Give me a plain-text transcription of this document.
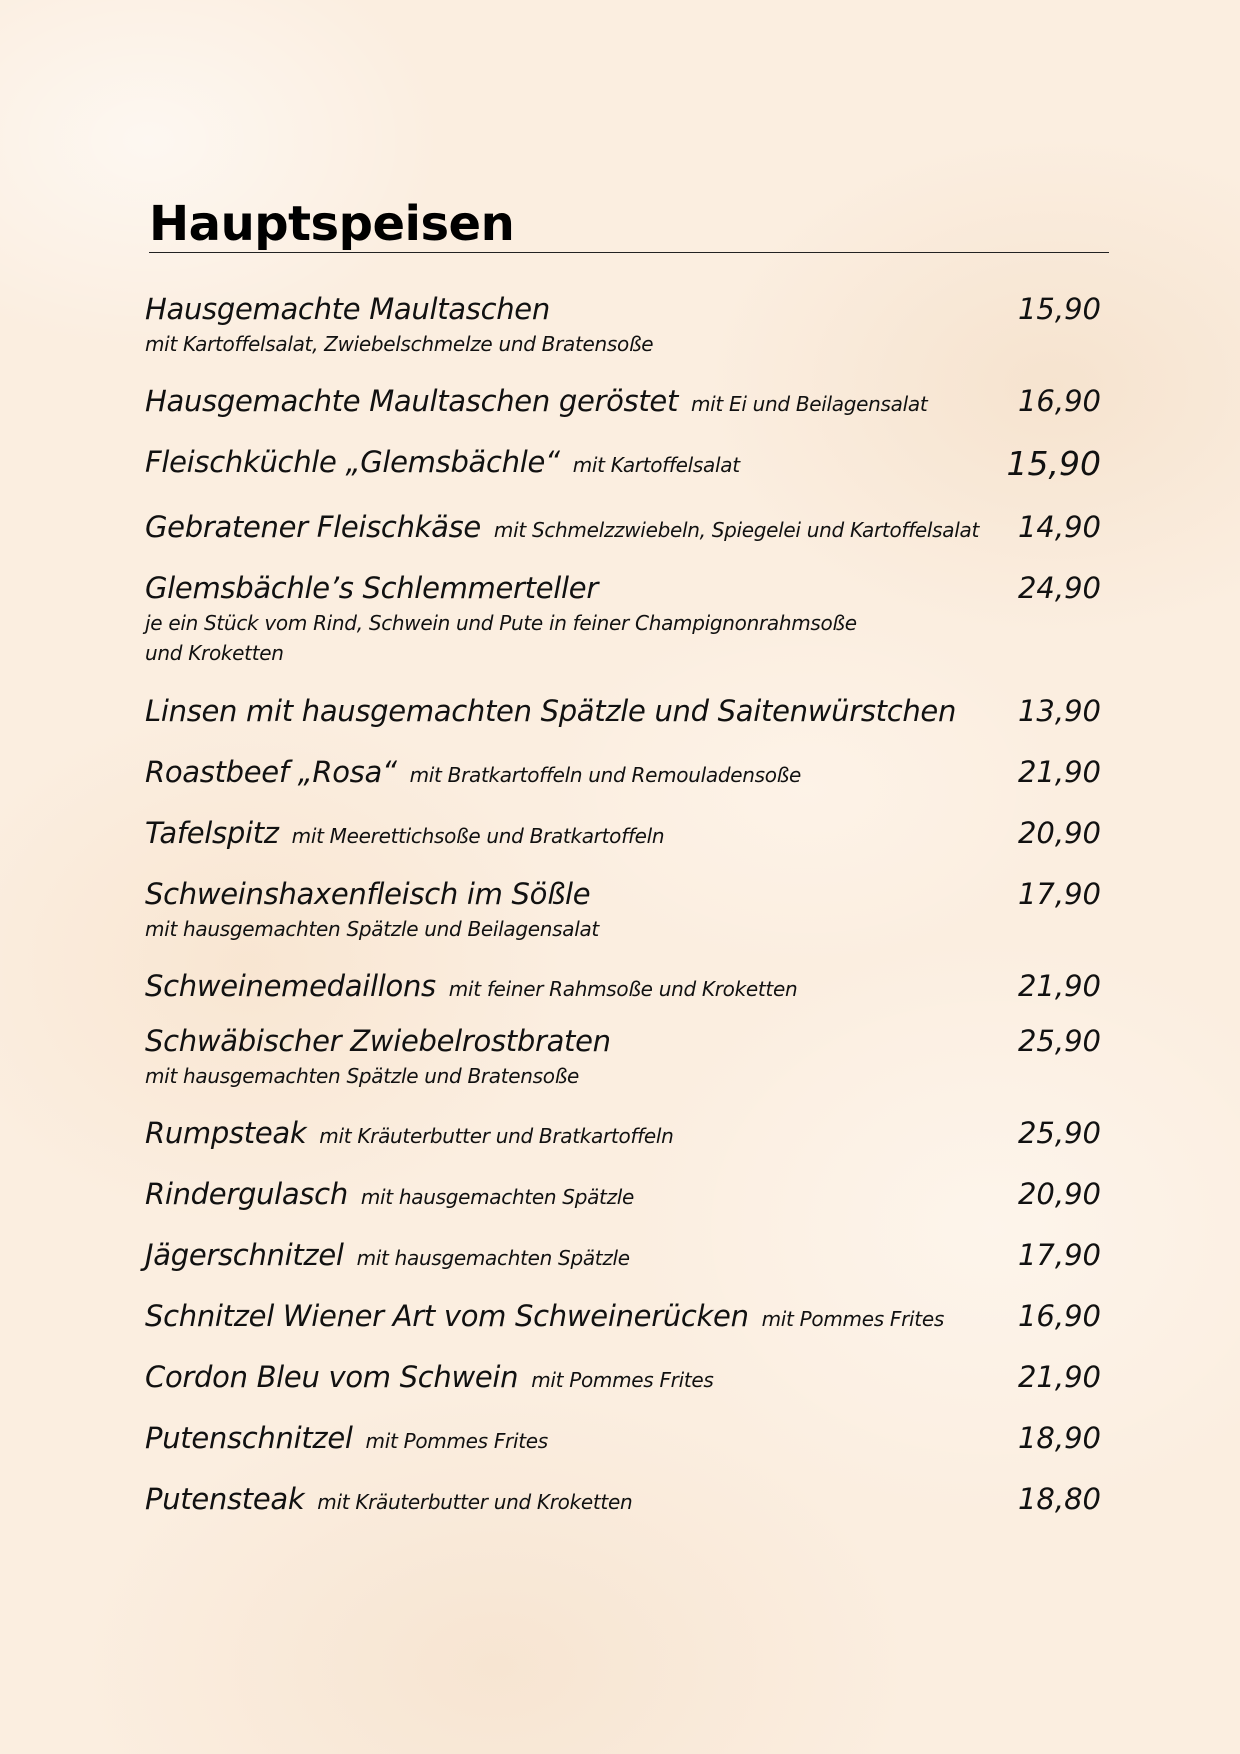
Hauptspeisen
Hausgemachte Maultaschen	15,90
mit Kartoffelsalat, Zwiebelschmelze und Bratensoße
Hausgemachte Maultaschen geröstet mit Ei und Beilagensalat	16,90
Fleischküchle „Glemsbächle“ mit Kartoffelsalat	15,90
Gebratener Fleischkäse mit Schmelzzwiebeln, Spiegelei und Kartoffelsalat 14,90
Glemsbächle’s Schlemmerteller	24,90
je ein Stück vom Rind, Schwein und Pute in feiner Champignonrahmsoße
und Kroketten
Linsen mit hausgemachten Spätzle und Saitenwürstchen 13,90
Roastbeef „Rosa“ mit Bratkartoffeln und Remouladensoße	21,90
Tafelspitz mit Meerettichsoße und Bratkartoffeln	20,90
Schweinshaxenfleisch im Sößle	17,90
mit hausgemachten Spätzle und Beilagensalat
Schweinemedaillons mit feiner Rahmsoße und Kroketten	21,90
Schwäbischer Zwiebelrostbraten	25,90
mit hausgemachten Spätzle und Bratensoße
Rumpsteak mit Kräuterbutter und Bratkartoffeln	25,90
Rindergulasch mit hausgemachten Spätzle	20,90
Jägerschnitzel mit hausgemachten Spätzle	17,90
Schnitzel Wiener Art vom Schweinerücken mit Pommes Frites	16,90
Cordon Bleu vom Schwein mit Pommes Frites	21,90
Putenschnitzel mit Pommes Frites	18,90
Putensteak mit Kräuterbutter und Kroketten	18,80
